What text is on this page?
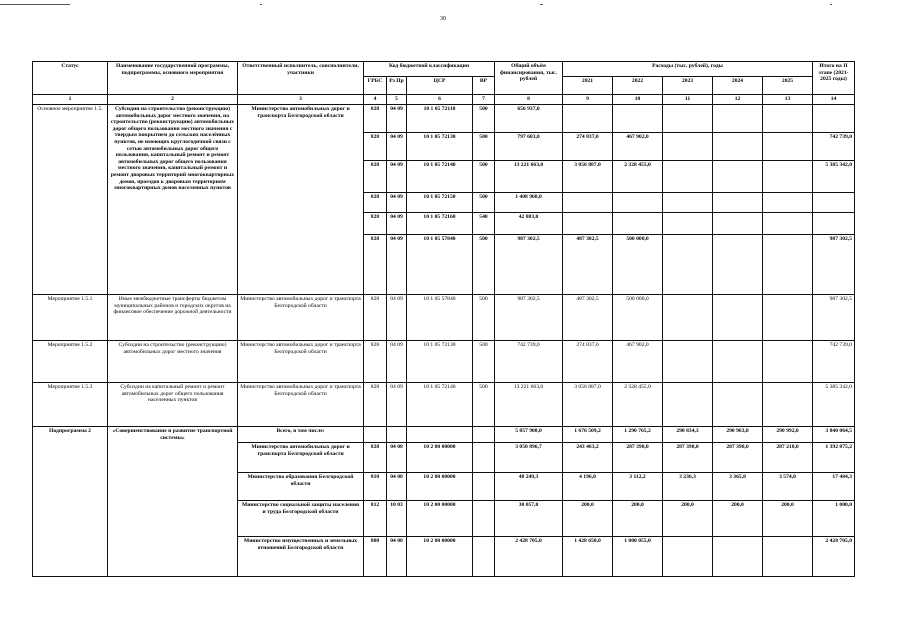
30
Статус	Наименование государственной программы, подпрограммы, основного мероприятия	Ответственный исполнитель, соисполнители, участники	Код бюджетной классификации				Общий объём финансирования, тыс. рублей	Расходы (тыс. рублей), годы					Итого на II этапе (2021-2025 годы)
			ГРБС	Рз Пр	ЦСР	ВР		2021	2022	2023	2024	2025	

1	2	3	4	5	6	7	8	9	10	11	12	13	14
Основное мероприятие 1.5.	Субсидии на строительство (реконструкцию) автомобильных дорог местного значения, на строительство (реконструкцию) автомобильных дорог общего пользования местного значения с твердым покрытием до сельских населённых пунктов, не имеющих круглогодичной связи с сетью автомобильных дорог общего пользования, капитальный ремонт и ремонт автомобильных дорог общего пользования местного значения, капитальный ремонт и ремонт дворовых территорий многоквартирных домов, проездов к дворовым территориям многоквартирных домов населенных пунктов	Министерство автомобильных дорог и транспорта Белгородской области	828	04 09	10 1 05 72110	500	656 937,0						
			828	04 09	10 1 05 72130	500	797 603,0	274 837,0	467 902,0				742 739,0
			828	04 09	10 1 05 72140	500	13 221 663,0	3 056 887,0	2 328 455,0				5 385 342,0
			828	04 09	10 1 05 72150	500	1 408 968,0						
			828	04 09	10 1 05 72160	540	42 803,0						
			828	04 09	10 1 05 57840	500	987 302,5	487 302,5	500 000,0				987 302,5
Мероприятие 1.5.1	Иные межбюджетные трансферты бюджетам муниципальных районов и городских округов на финансовое обеспечение дорожной деятельности	Министерство автомобильных дорог и транспорта Белгородской области	828	04 09	10 1 05 57840	500	987 302,5	487 302,5	500 000,0				987 302,5
Мероприятие 1.5.2	Субсидии на строительство (реконструкцию) автомобильных дорог местного значения	Министерство автомобильных дорог и транспорта Белгородской области	828	04 09	10 1 05 72130	500	742 739,0	274 837,0	467 902,0				742 739,0
Мероприятие 1.5.3	Субсидии на капитальный ремонт и ремонт автомобильных дорог общего пользования населенных пунктов	Министерство автомобильных дорог и транспорта Белгородской области	828	04 09	10 1 05 72140	500	13 221 663,0	3 056 887,0	2 328 455,0				5 385 342,0
Подпрограмма 2	«Совершенствование и развитие транспортной системы»	Всего, в том числе:					5 857 908,0	1 676 509,2	1 290 765,2	290 834,3	290 963,8	290 992,0	3 840 064,5
		Министерство автомобильных дорог и транспорта Белгородской области	828	04 08	10 2 00 00000		3 050 896,7	243 463,2	287 398,0	287 398,0	287 398,0	287 218,0	1 392 875,2
		Министерство образования Белгородской области	810	04 08	10 2 00 00000		48 249,3	4 196,0	3 112,2	3 236,3	3 365,8	3 574,0	17 484,3
		Министерство социальной защиты населения и труда Белгородской области	812	10 03	10 2 00 00000		30 057,0	200,0	200,0	200,0	200,0	200,0	1 000,0
		Министерство имущественных и земельных отношений Белгородской области	808	04 08	10 2 00 00000		2 428 705,0	1 428 650,0	1 000 055,0				2 428 705,0
